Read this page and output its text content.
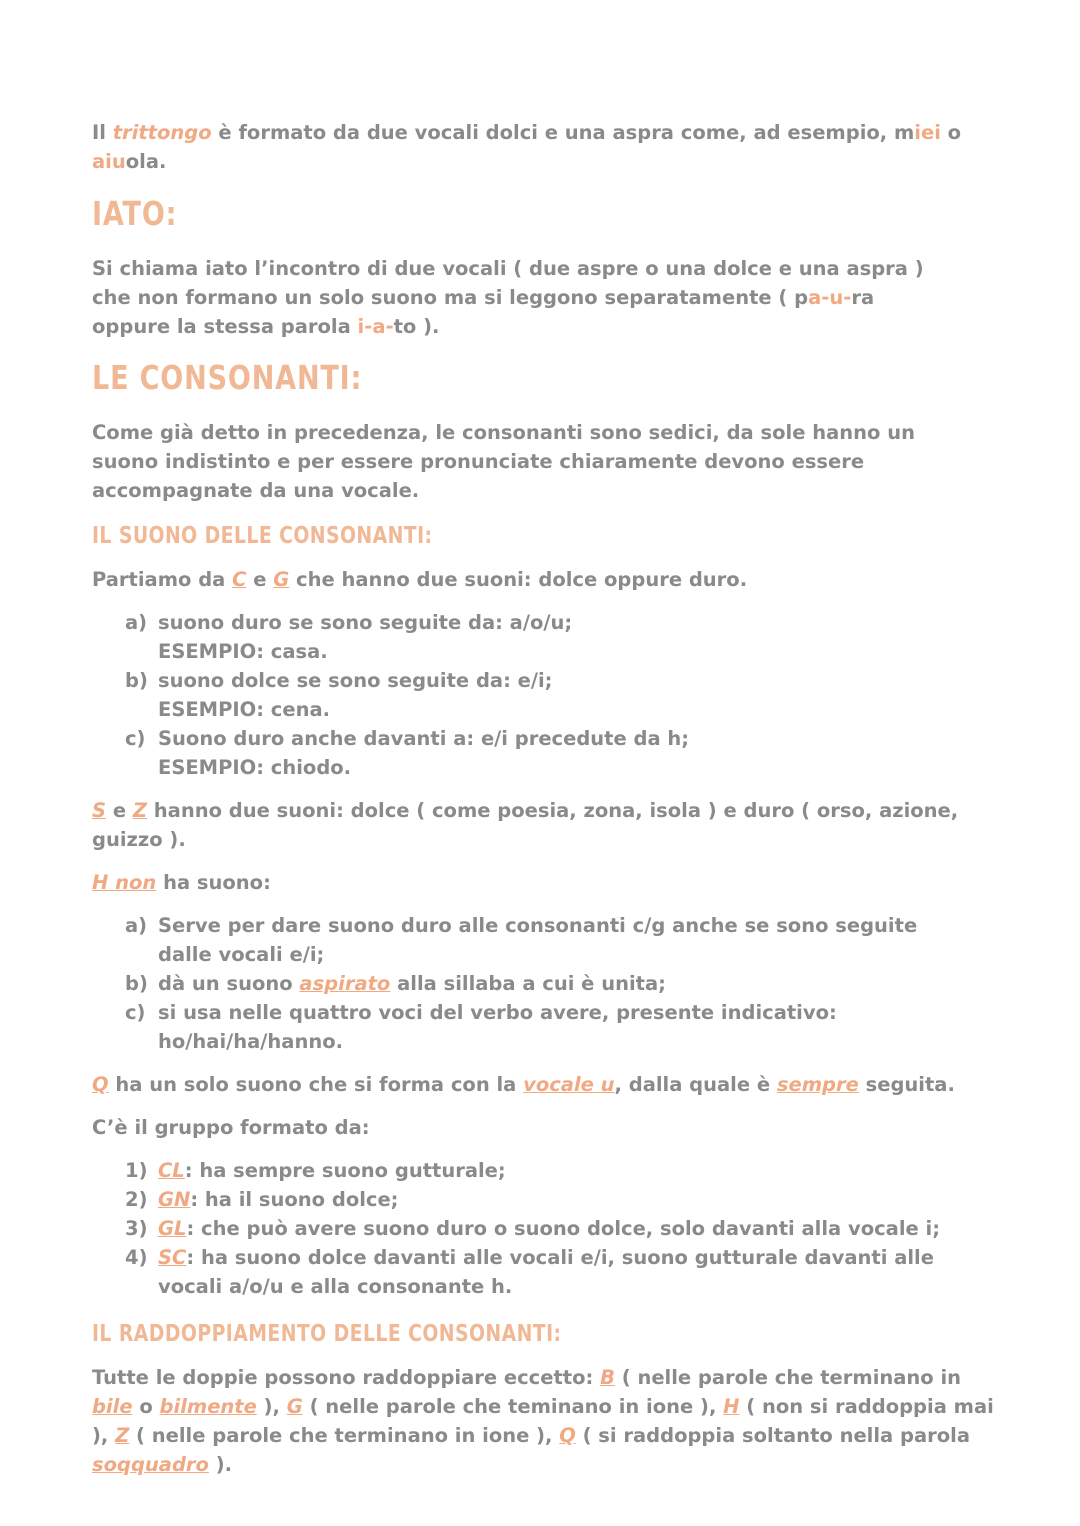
Il trittongo è formato da due vocali dolci e una aspra come, ad esempio, miei o

aiuola.

IATO:

Si chiama iato l’incontro di due vocali ( due aspre o una dolce e una aspra )

che non formano un solo suono ma si leggono separatamente ( pa-u-ra

oppure la stessa parola i-a-to ).

LE CONSONANTI:

Come già detto in precedenza, le consonanti sono sedici, da sole hanno un

suono indistinto e per essere pronunciate chiaramente devono essere

accompagnate da una vocale.

IL SUONO DELLE CONSONANTI:

Partiamo da C e G che hanno due suoni: dolce oppure duro.

a) suono duro se sono seguite da: a/o/u;
ESEMPIO: casa.
b) suono dolce se sono seguite da: e/i;
ESEMPIO: cena.
c) Suono duro anche davanti a: e/i precedute da h;
ESEMPIO: chiodo.

S e Z hanno due suoni: dolce ( come poesia, zona, isola ) e duro ( orso, azione,

guizzo ).

H non ha suono:

a) Serve per dare suono duro alle consonanti c/g anche se sono seguite
dalle vocali e/i;
b) dà un suono aspirato alla sillaba a cui è unita;
c) si usa nelle quattro voci del verbo avere, presente indicativo:
ho/hai/ha/hanno.

Q ha un solo suono che si forma con la vocale u, dalla quale è sempre seguita.

C’è il gruppo formato da:

1) CL: ha sempre suono gutturale;
2) GN: ha il suono dolce;
3) GL: che può avere suono duro o suono dolce, solo davanti alla vocale i;
4) SC: ha suono dolce davanti alle vocali e/i, suono gutturale davanti alle
vocali a/o/u e alla consonante h.
IL RADDOPPIAMENTO DELLE CONSONANTI:

Tutte le doppie possono raddoppiare eccetto: B ( nelle parole che terminano in

bile o bilmente ), G ( nelle parole che teminano in ione ), H ( non si raddoppia mai

), Z ( nelle parole che terminano in ione ), Q ( si raddoppia soltanto nella parola

soqquadro ).
